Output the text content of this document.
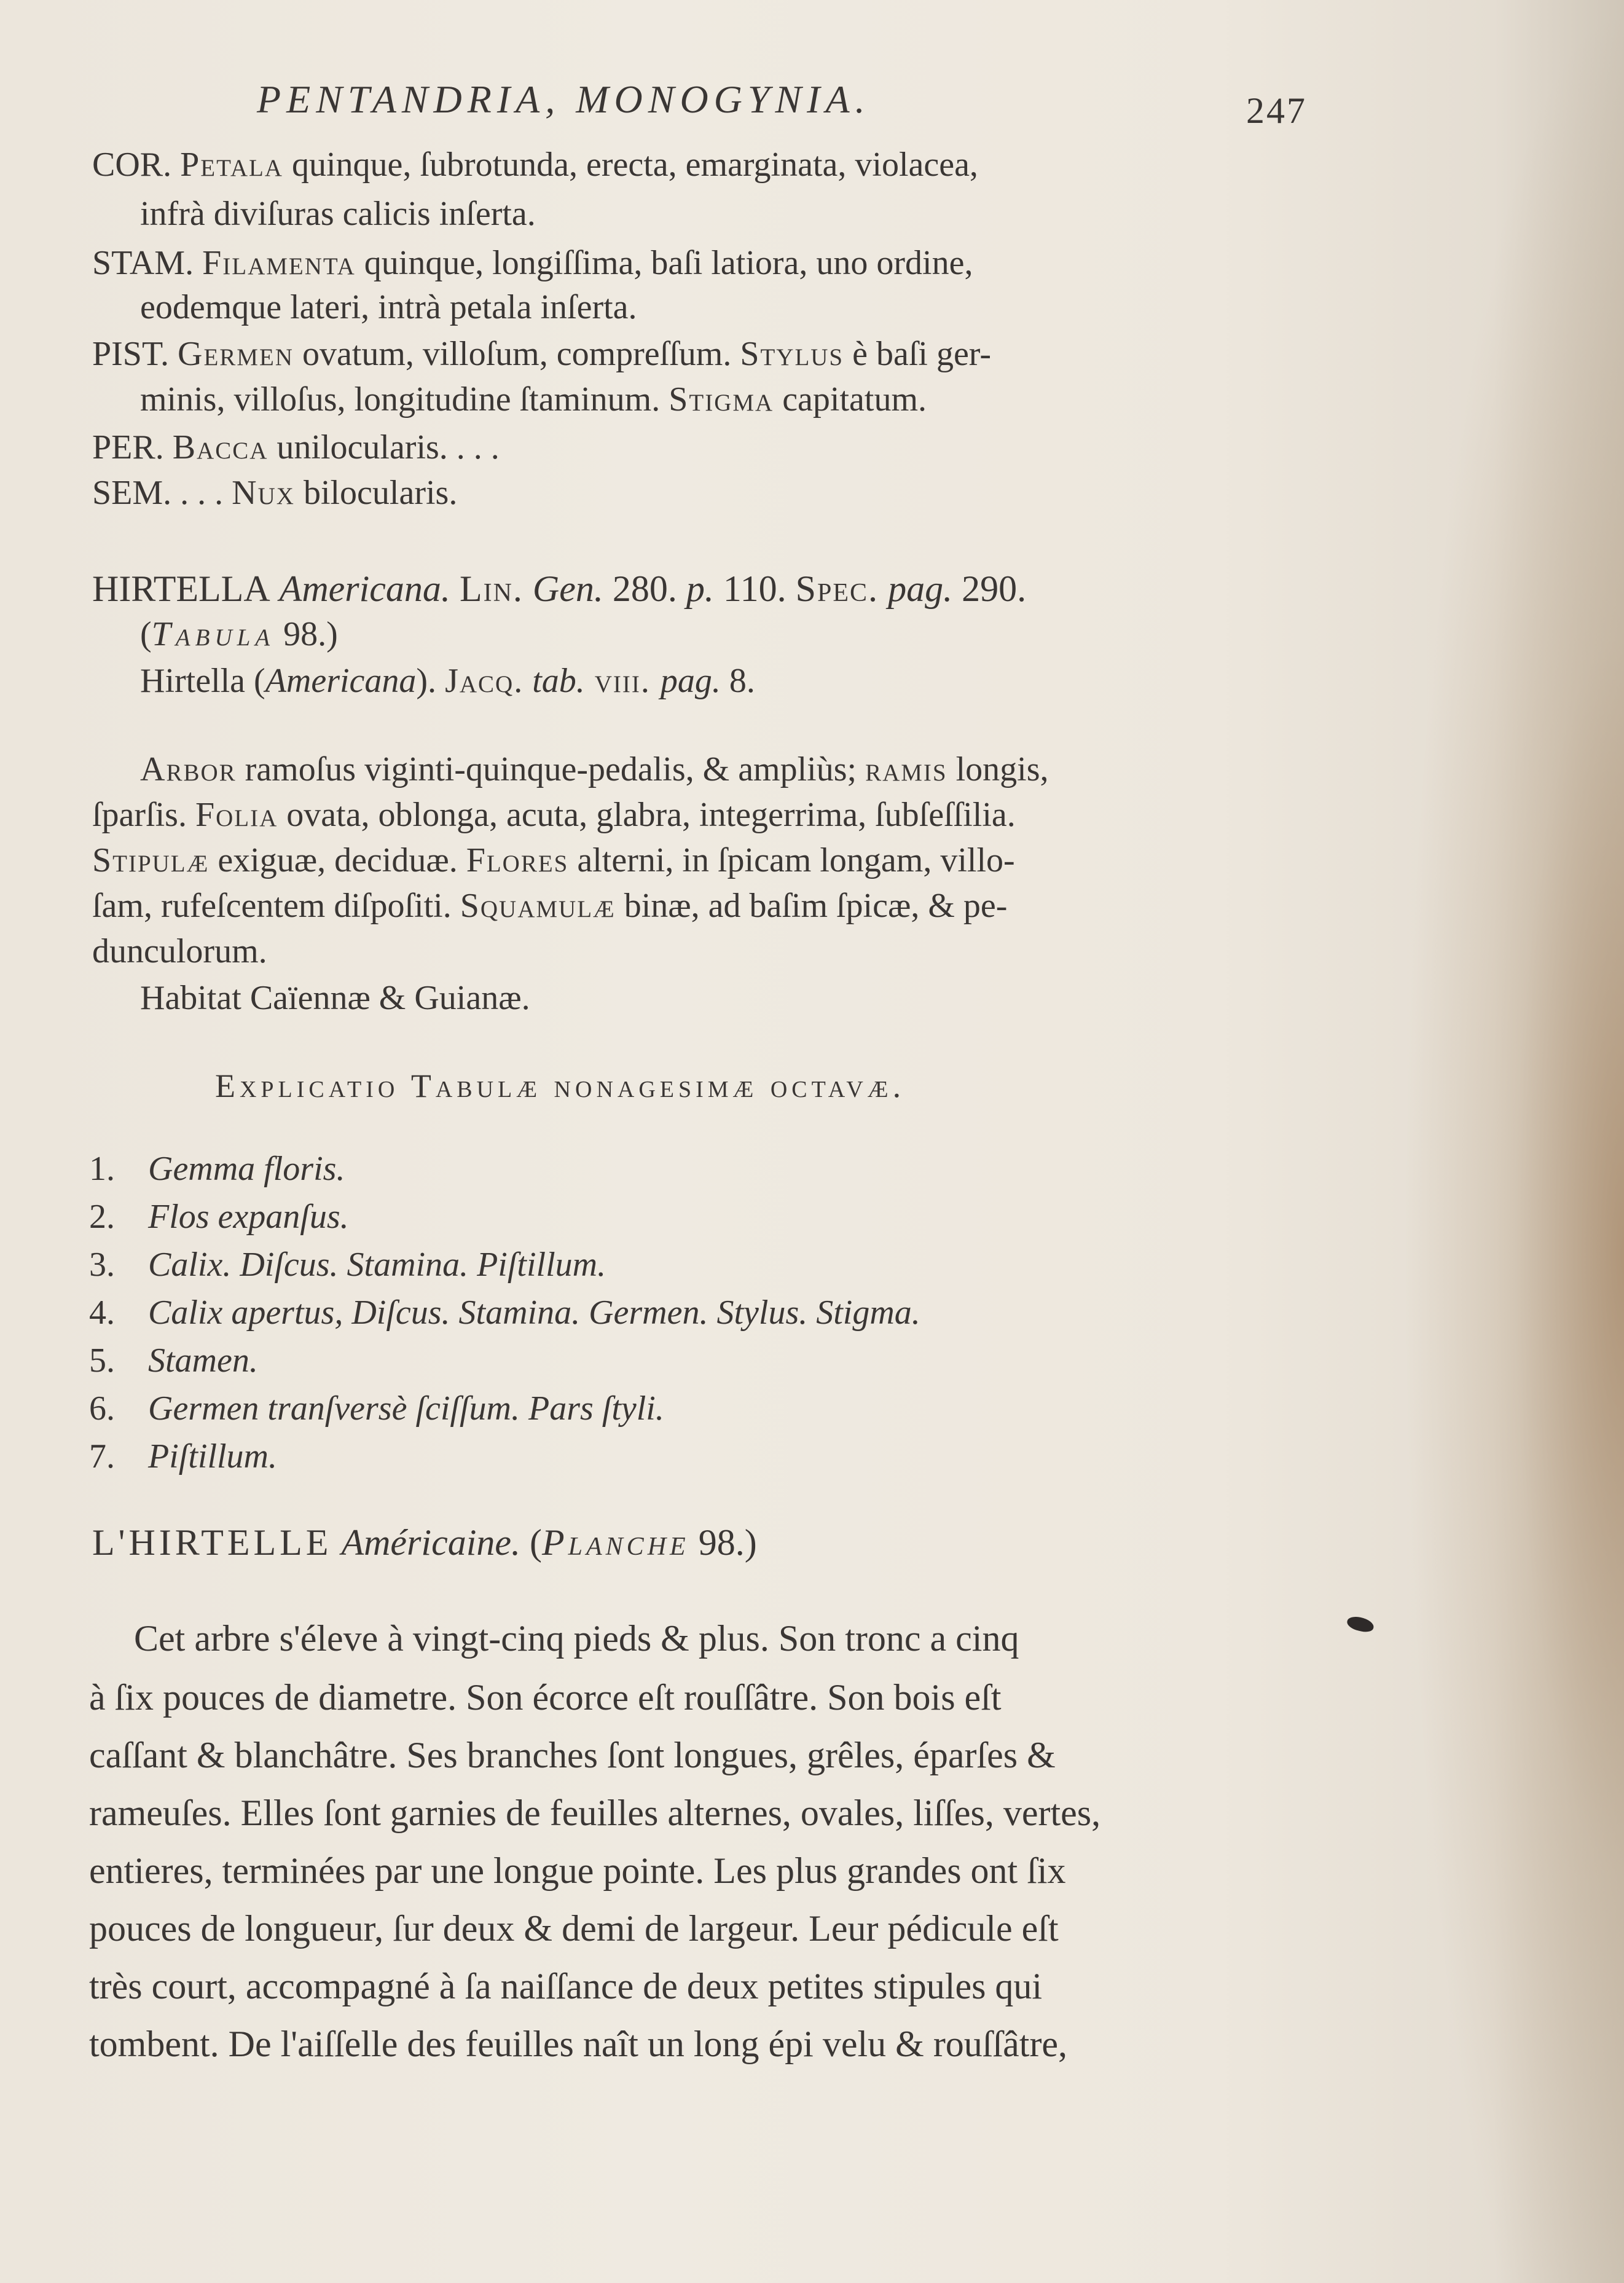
PENTANDRIA, MONOGYNIA.	247
COR. Petala quinque, ſubrotunda, erecta, emarginata, violacea,
infrà diviſuras calicis inſerta.
STAM. Filamenta quinque, longiſſima, baſi latiora, uno ordine,
eodemque lateri, intrà petala inſerta.
PIST. Germen ovatum, villoſum, compreſſum. Stylus è baſi ger-
minis, villoſus, longitudine ſtaminum. Stigma capitatum.
PER. Bacca unilocularis. . . .
SEM. . . . Nux bilocularis.
HIRTELLA Americana. Lin. Gen. 280. p. 110. Spec. pag. 290.
(Tabula 98.)
Hirtella (Americana). Jacq. tab. viii. pag. 8.
Arbor ramoſus viginti-quinque-pedalis, & ampliùs; ramis longis,
ſparſis. Folia ovata, oblonga, acuta, glabra, integerrima, ſubſeſſilia.
Stipulæ exiguæ, deciduæ. Flores alterni, in ſpicam longam, villo-
ſam, rufeſcentem diſpoſiti. Squamulæ binæ, ad baſim ſpicæ, & pe-
dunculorum.
Habitat Caïennæ & Guianæ.
Explicatio Tabulæ nonagesimæ octavæ.
1. Gemma floris.
2. Flos expanſus.
3. Calix. Diſcus. Stamina. Piſtillum.
4. Calix apertus, Diſcus. Stamina. Germen. Stylus. Stigma.
5. Stamen.
6. Germen tranſversè ſciſſum. Pars ſtyli.
7. Piſtillum.
L'HIRTELLE Américaine. (Planche 98.)
Cet arbre s'éleve à vingt-cinq pieds & plus. Son tronc a cinq
à ſix pouces de diametre. Son écorce eſt rouſſâtre. Son bois eſt
caſſant & blanchâtre. Ses branches ſont longues, grêles, éparſes &
rameuſes. Elles ſont garnies de feuilles alternes, ovales, liſſes, vertes,
entieres, terminées par une longue pointe. Les plus grandes ont ſix
pouces de longueur, ſur deux & demi de largeur. Leur pédicule eſt
très court, accompagné à ſa naiſſance de deux petites stipules qui
tombent. De l'aiſſelle des feuilles naît un long épi velu & rouſſâtre,
